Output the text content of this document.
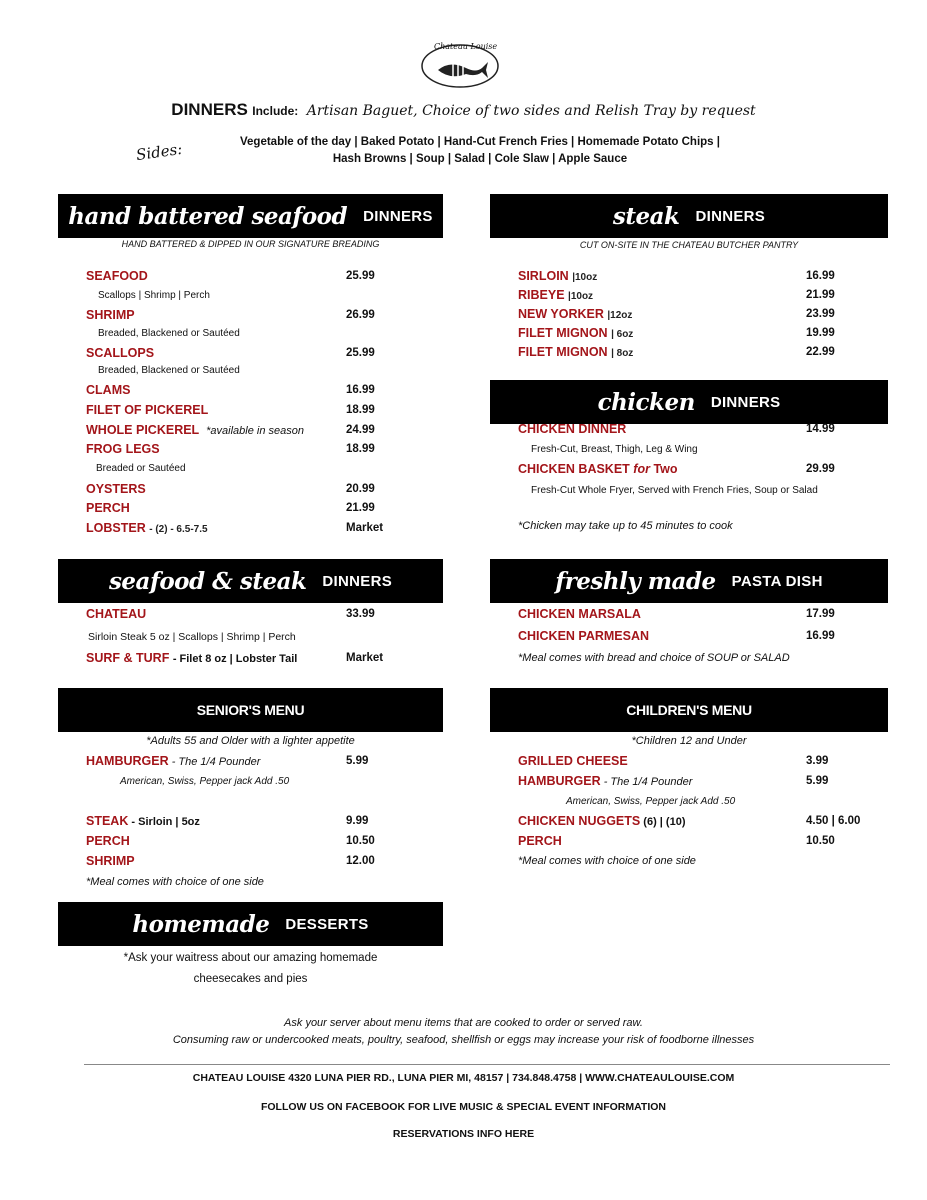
Chateau Louise
DINNERS Include: Artisan Baguet, Choice of two sides and Relish Tray by request
Sides:	Vegetable of the day | Baked Potato | Hand-Cut French Fries | Homemade Potato Chips |
Hash Browns | Soup | Salad | Cole Slaw | Apple Sauce
hand battered seafood DINNERS
HAND BATTERED & DIPPED IN OUR SIGNATURE BREADING
SEAFOOD	25.99
Scallops | Shrimp | Perch
SHRIMP	26.99
Breaded, Blackened or Sautéed
SCALLOPS	25.99
Breaded, Blackened or Sautéed
CLAMS	16.99
FILET OF PICKEREL	18.99
WHOLE PICKEREL *available in season	24.99
FROG LEGS	18.99
Breaded or Sautéed
OYSTERS	20.99
PERCH	21.99
LOBSTER - (2) - 6.5-7.5	Market
steak DINNERS
CUT ON-SITE IN THE CHATEAU BUTCHER PANTRY
SIRLOIN |10oz	16.99
RIBEYE |10oz	21.99
NEW YORKER |12oz	23.99
FILET MIGNON | 6oz	19.99
FILET MIGNON | 8oz	22.99
chicken DINNERS
CHICKEN DINNER	14.99
Fresh-Cut, Breast, Thigh, Leg & Wing
CHICKEN BASKET for Two	29.99
Fresh-Cut Whole Fryer, Served with French Fries, Soup or Salad
*Chicken may take up to 45 minutes to cook
seafood & steak DINNERS
CHATEAU	33.99
Sirloin Steak 5 oz | Scallops | Shrimp | Perch
SURF & TURF - Filet 8 oz | Lobster Tail	Market
freshly made PASTA DISH
CHICKEN MARSALA	17.99
CHICKEN PARMESAN	16.99
*Meal comes with bread and choice of SOUP or SALAD
SENIOR'S MENU
*Adults 55 and Older with a lighter appetite
HAMBURGER - The 1/4 Pounder	5.99
American, Swiss, Pepper jack Add .50
STEAK - Sirloin | 5oz	9.99
PERCH	10.50
SHRIMP	12.00
*Meal comes with choice of one side
CHILDREN'S MENU
*Children 12 and Under
GRILLED CHEESE	3.99
HAMBURGER - The 1/4 Pounder	5.99
American, Swiss, Pepper jack Add .50
CHICKEN NUGGETS (6) | (10)	4.50 | 6.00
PERCH	10.50
*Meal comes with choice of one side
homemade DESSERTS
*Ask your waitress about our amazing homemade
cheesecakes and pies
Ask your server about menu items that are cooked to order or served raw.
Consuming raw or undercooked meats, poultry, seafood, shellfish or eggs may increase your risk of foodborne illnesses
CHATEAU LOUISE 4320 LUNA PIER RD., LUNA PIER MI, 48157 | 734.848.4758 | WWW.CHATEAULOUISE.COM
FOLLOW US ON FACEBOOK FOR LIVE MUSIC & SPECIAL EVENT INFORMATION
RESERVATIONS INFO HERE
